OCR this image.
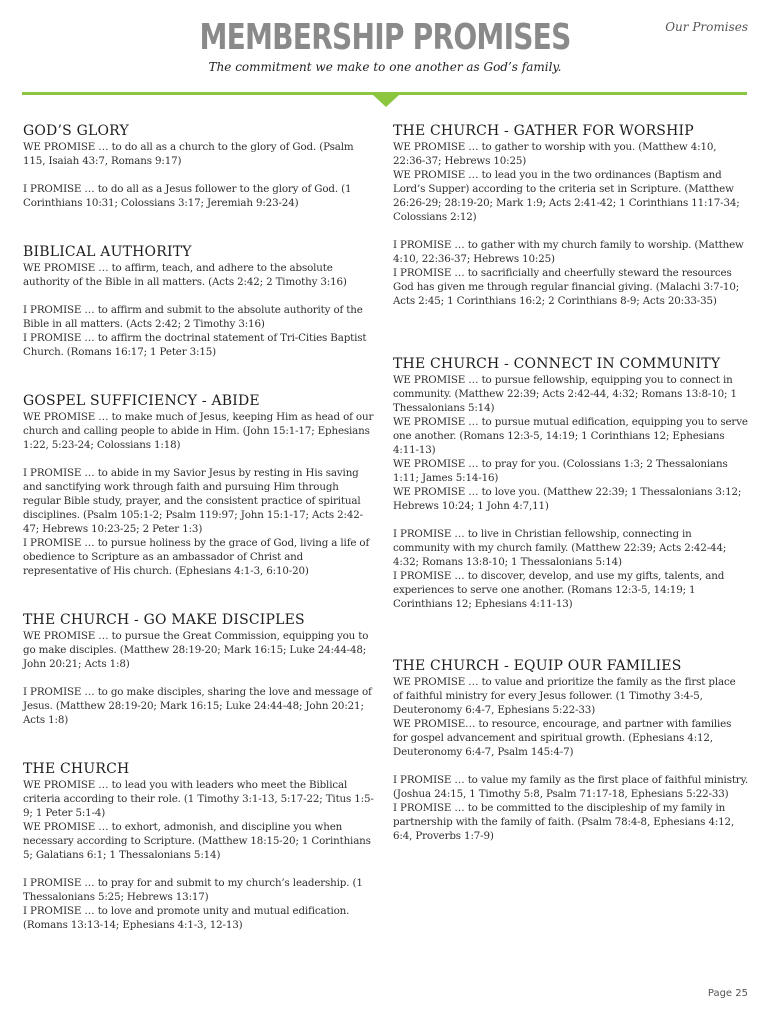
MEMBERSHIP PROMISES	Our Promises
The commitment we make to one another as God’s family.
GOD’S GLORY

WE PROMISE … to do all as a church to the glory of God. (Psalm 115, Isaiah 43:7, Romans 9:17)

I PROMISE … to do all as a Jesus follower to the glory of God. (1 Corinthians 10:31; Colossians 3:17; Jeremiah 9:23-24)

BIBLICAL AUTHORITY

WE PROMISE … to affirm, teach, and adhere to the absolute authority of the Bible in all matters. (Acts 2:42; 2 Timothy 3:16)

I PROMISE … to affirm and submit to the absolute authority of the Bible in all matters. (Acts 2:42; 2 Timothy 3:16)

I PROMISE … to affirm the doctrinal statement of Tri-Cities Baptist Church. (Romans 16:17; 1 Peter 3:15)

GOSPEL SUFFICIENCY - ABIDE

WE PROMISE … to make much of Jesus, keeping Him as head of our church and calling people to abide in Him. (John 15:1-17; Ephesians 1:22, 5:23-24; Colossians 1:18)

I PROMISE … to abide in my Savior Jesus by resting in His saving and sanctifying work through faith and pursuing Him through regular Bible study, prayer, and the consistent practice of spiritual disciplines. (Psalm 105:1-2; Psalm 119:97; John 15:1-17; Acts 2:42-47; Hebrews 10:23-25; 2 Peter 1:3)

I PROMISE … to pursue holiness by the grace of God, living a life of obedience to Scripture as an ambassador of Christ and representative of His church. (Ephesians 4:1-3, 6:10-20)

THE CHURCH - GO MAKE DISCIPLES

WE PROMISE … to pursue the Great Commission, equipping you to go make disciples. (Matthew 28:19-20; Mark 16:15; Luke 24:44-48; John 20:21; Acts 1:8)

I PROMISE … to go make disciples, sharing the love and message of Jesus. (Matthew 28:19-20; Mark 16:15; Luke 24:44-48; John 20:21; Acts 1:8)

THE CHURCH

WE PROMISE … to lead you with leaders who meet the Biblical criteria according to their role. (1 Timothy 3:1-13, 5:17-22; Titus 1:5-9; 1 Peter 5:1-4)

WE PROMISE … to exhort, admonish, and discipline you when necessary according to Scripture. (Matthew 18:15-20; 1 Corinthians 5; Galatians 6:1; 1 Thessalonians 5:14)

I PROMISE … to pray for and submit to my church’s leadership. (1 Thessalonians 5:25; Hebrews 13:17)

I PROMISE … to love and promote unity and mutual edification. (Romans 13:13-14; Ephesians 4:1-3, 12-13)

THE CHURCH - GATHER FOR WORSHIP

WE PROMISE … to gather to worship with you. (Matthew 4:10, 22:36-37; Hebrews 10:25)

WE PROMISE … to lead you in the two ordinances (Baptism and Lord’s Supper) according to the criteria set in Scripture. (Matthew 26:26-29; 28:19-20; Mark 1:9; Acts 2:41-42; 1 Corinthians 11:17-34; Colossians 2:12)

I PROMISE … to gather with my church family to worship. (Matthew 4:10, 22:36-37; Hebrews 10:25)

I PROMISE … to sacrificially and cheerfully steward the resources God has given me through regular financial giving. (Malachi 3:7-10; Acts 2:45; 1 Corinthians 16:2; 2 Corinthians 8-9; Acts 20:33-35)

THE CHURCH - CONNECT IN COMMUNITY

WE PROMISE … to pursue fellowship, equipping you to connect in community. (Matthew 22:39; Acts 2:42-44, 4:32; Romans 13:8-10; 1 Thessalonians 5:14)

WE PROMISE … to pursue mutual edification, equipping you to serve one another. (Romans 12:3-5, 14:19; 1 Corinthians 12; Ephesians 4:11-13)

WE PROMISE … to pray for you. (Colossians 1:3; 2 Thessalonians 1:11; James 5:14-16)

WE PROMISE … to love you. (Matthew 22:39; 1 Thessalonians 3:12; Hebrews 10:24; 1 John 4:7,11)

I PROMISE … to live in Christian fellowship, connecting in community with my church family. (Matthew 22:39; Acts 2:42-44; 4:32; Romans 13:8-10; 1 Thessalonians 5:14)

I PROMISE … to discover, develop, and use my gifts, talents, and experiences to serve one another. (Romans 12:3-5, 14:19; 1 Corinthians 12; Ephesians 4:11-13)

THE CHURCH - EQUIP OUR FAMILIES

WE PROMISE … to value and prioritize the family as the first place of faithful ministry for every Jesus follower. (1 Timothy 3:4-5, Deuteronomy 6:4-7, Ephesians 5:22-33)

WE PROMISE… to resource, encourage, and partner with families for gospel advancement and spiritual growth. (Ephesians 4:12, Deuteronomy 6:4-7, Psalm 145:4-7)

I PROMISE … to value my family as the first place of faithful ministry. (Joshua 24:15, 1 Timothy 5:8, Psalm 71:17-18, Ephesians 5:22-33)

I PROMISE … to be committed to the discipleship of my family in partnership with the family of faith. (Psalm 78:4-8, Ephesians 4:12, 6:4, Proverbs 1:7-9)

Page 25
